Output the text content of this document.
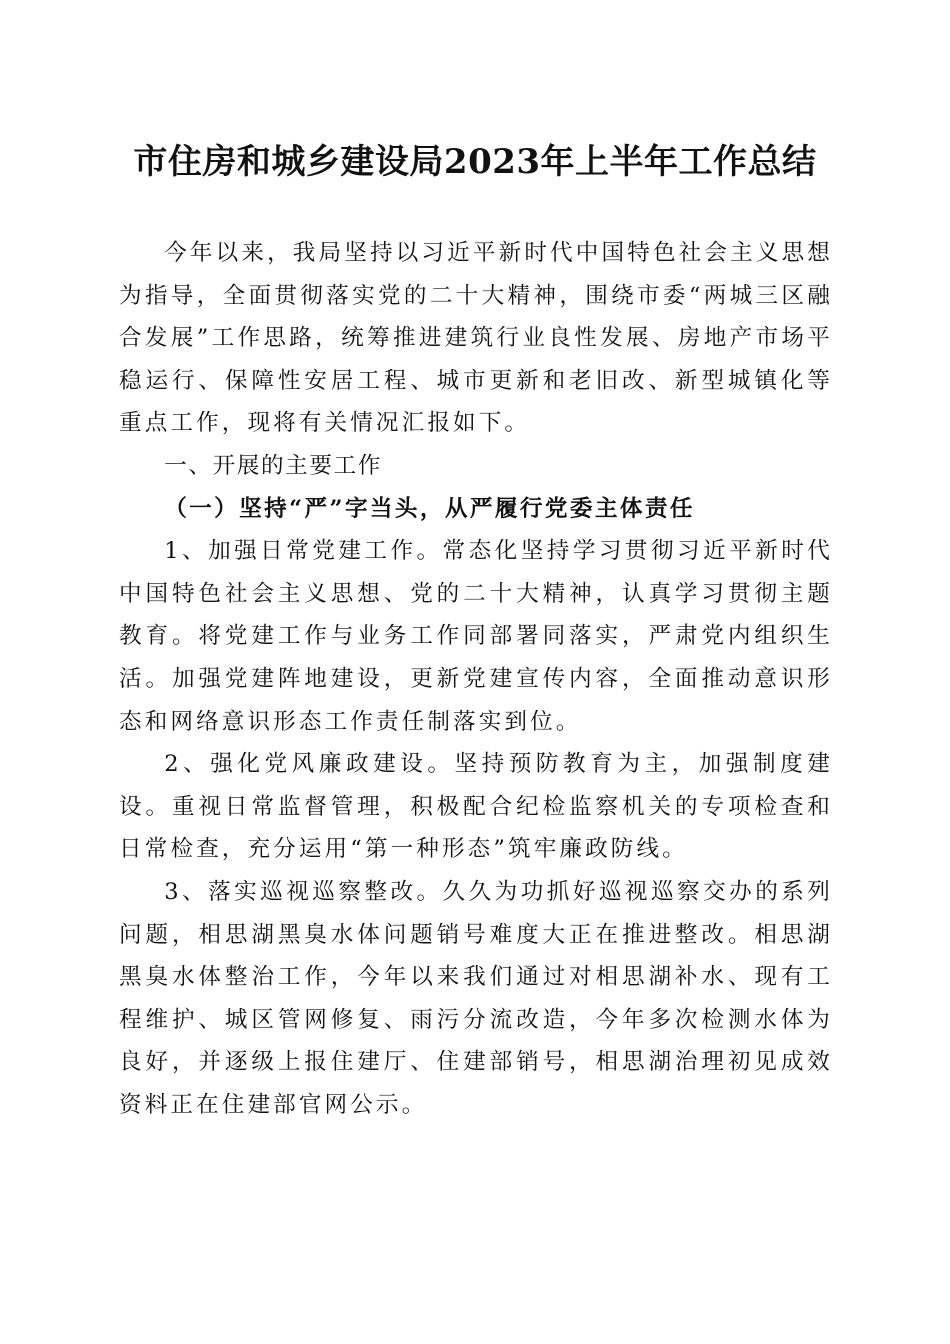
市住房和城乡建设局2023年上半年工作总结

今年以来，我局坚持以习近平新时代中国特色社会主义思想为指导，全面贯彻落实党的二十大精神，围绕市委“两城三区融合发展”工作思路，统筹推进建筑行业良性发展、房地产市场平稳运行、保障性安居工程、城市更新和老旧改、新型城镇化等重点工作，现将有关情况汇报如下。

一、开展的主要工作

（一）坚持“严”字当头，从严履行党委主体责任

1、加强日常党建工作。常态化坚持学习贯彻习近平新时代中国特色社会主义思想、党的二十大精神，认真学习贯彻主题教育。将党建工作与业务工作同部署同落实，严肃党内组织生活。加强党建阵地建设，更新党建宣传内容，全面推动意识形态和网络意识形态工作责任制落实到位。

2、强化党风廉政建设。坚持预防教育为主，加强制度建设。重视日常监督管理，积极配合纪检监察机关的专项检查和日常检查，充分运用“第一种形态”筑牢廉政防线。

3、落实巡视巡察整改。久久为功抓好巡视巡察交办的系列问题，相思湖黑臭水体问题销号难度大正在推进整改。相思湖黑臭水体整治工作，今年以来我们通过对相思湖补水、现有工程维护、城区管网修复、雨污分流改造，今年多次检测水体为良好，并逐级上报住建厅、住建部销号，相思湖治理初见成效资料正在住建部官网公示。
